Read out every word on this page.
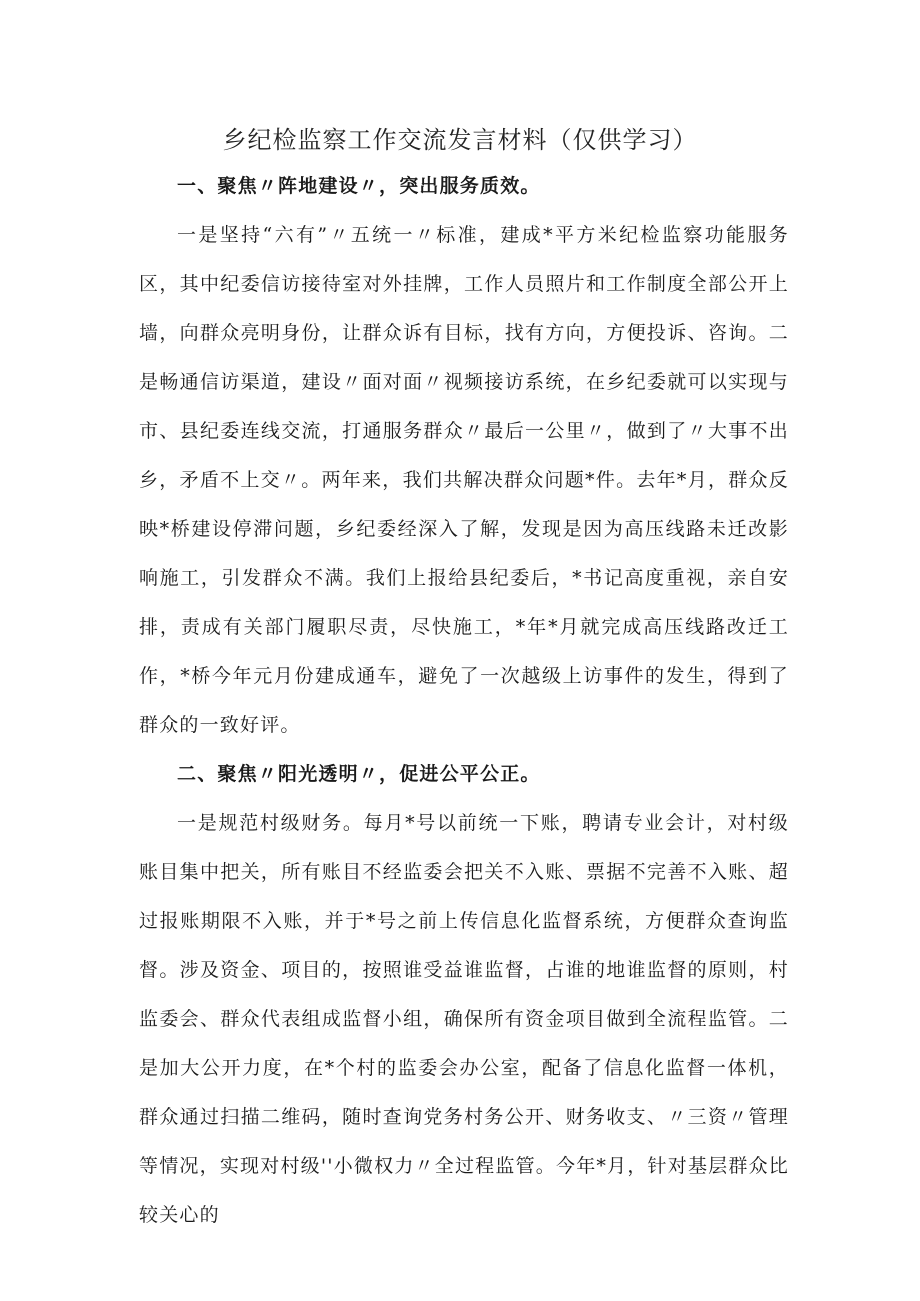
乡纪检监察工作交流发言材料（仅供学习）

一、聚焦〃阵地建设〃，突出服务质效。

一是坚持“六有”〃五统一〃标准，建成*平方米纪检监察功能服务区，其中纪委信访接待室对外挂牌，工作人员照片和工作制度全部公开上墙，向群众亮明身份，让群众诉有目标，找有方向，方便投诉、咨询。二是畅通信访渠道，建设〃面对面〃视频接访系统，在乡纪委就可以实现与市、县纪委连线交流，打通服务群众〃最后一公里〃，做到了〃大事不出乡，矛盾不上交〃。两年来，我们共解决群众问题*件。去年*月，群众反映*桥建设停滞问题，乡纪委经深入了解，发现是因为高压线路未迁改影响施工，引发群众不满。我们上报给县纪委后，*书记高度重视，亲自安排，责成有关部门履职尽责，尽快施工，*年*月就完成高压线路改迁工作，*桥今年元月份建成通车，避免了一次越级上访事件的发生，得到了群众的一致好评。

二、聚焦〃阳光透明〃，促进公平公正。

一是规范村级财务。每月*号以前统一下账，聘请专业会计，对村级账目集中把关，所有账目不经监委会把关不入账、票据不完善不入账、超过报账期限不入账，并于*号之前上传信息化监督系统，方便群众查询监督。涉及资金、项目的，按照谁受益谁监督，占谁的地谁监督的原则，村监委会、群众代表组成监督小组，确保所有资金项目做到全流程监管。二是加大公开力度，在*个村的监委会办公室，配备了信息化监督一体机，群众通过扫描二维码，随时查询党务村务公开、财务收支、〃三资〃管理等情况，实现对村级''小微权力〃全过程监管。今年*月，针对基层群众比较关心的
